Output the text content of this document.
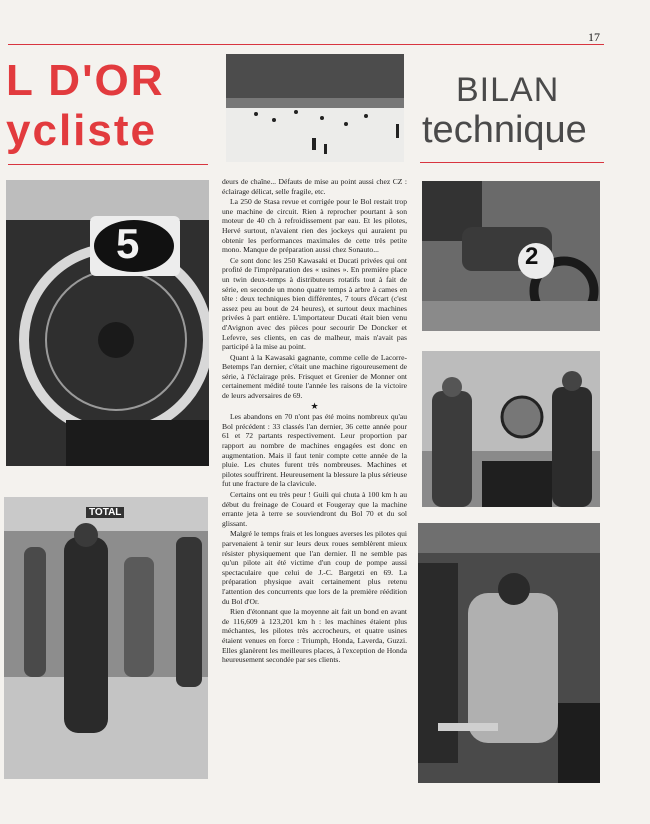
17
L D'OR
ycliste
BILAN
technique
5
TOTAL
2

deurs de chaîne... Défauts de mise au point aussi chez CZ : éclairage délicat, selle fragile, etc.

La 250 de Stasa revue et corrigée pour le Bol restait trop une machine de circuit. Rien à reprocher pourtant à son moteur de 40 ch à refroidissement par eau. Et les pilotes, Hervé surtout, n'avaient rien des jockeys qui auraient pu obtenir les performances maximales de cette très petite mono. Manque de préparation aussi chez Sonauto...

Ce sont donc les 250 Kawasaki et Ducati privées qui ont profité de l'impréparation des « usines ». En première place un twin deux-temps à distributeurs rotatifs tout à fait de série, en seconde un mono quatre temps à arbre à cames en tête : deux techniques bien différentes, 7 tours d'écart (c'est assez peu au bout de 24 heures), et surtout deux machines privées à part entière. L'importateur Ducati était bien venu d'Avignon avec des pièces pour secourir De Doncker et Lefevre, ses clients, en cas de malheur, mais n'avait pas participé à la mise au point.

Quant à la Kawasaki gagnante, comme celle de Lacorre-Betemps l'an dernier, c'était une machine rigoureusement de série, à l'éclairage près. Frisquet et Grenier de Monner ont certainement médité toute l'année les raisons de la victoire de leurs adversaires de 69.

★

Les abandons en 70 n'ont pas été moins nombreux qu'au Bol précédent : 33 classés l'an dernier, 36 cette année pour 61 et 72 partants respectivement. Leur proportion par rapport au nombre de machines engagées est donc en augmentation. Mais il faut tenir compte cette année de la pluie. Les chutes furent très nombreuses. Machines et pilotes souffrirent. Heureusement la blessure la plus sérieuse fut une fracture de la clavicule.

Certains ont eu très peur ! Guili qui chuta à 100 km h au début du freinage de Couard et Fougeray que la machine errante jeta à terre se souviendront du Bol 70 et du sol glissant.

Malgré le temps frais et les longues averses les pilotes qui parvenaient à tenir sur leurs deux roues semblèrent mieux résister physiquement que l'an dernier. Il ne semble pas qu'un pilote ait été victime d'un coup de pompe aussi spectaculaire que celui de J.-C. Bargetzi en 69. La préparation physique avait certainement plus retenu l'attention des concurrents que lors de la première réédition du Bol d'Or.

Rien d'étonnant que la moyenne ait fait un bond en avant de 116,609 à 123,201 km h : les machines étaient plus méchantes, les pilotes très accrocheurs, et quatre usines étaient venues en force : Triumph, Honda, Laverda, Guzzi. Elles glanèrent les meilleures places, à l'exception de Honda heureusement secondée par ses clients.
